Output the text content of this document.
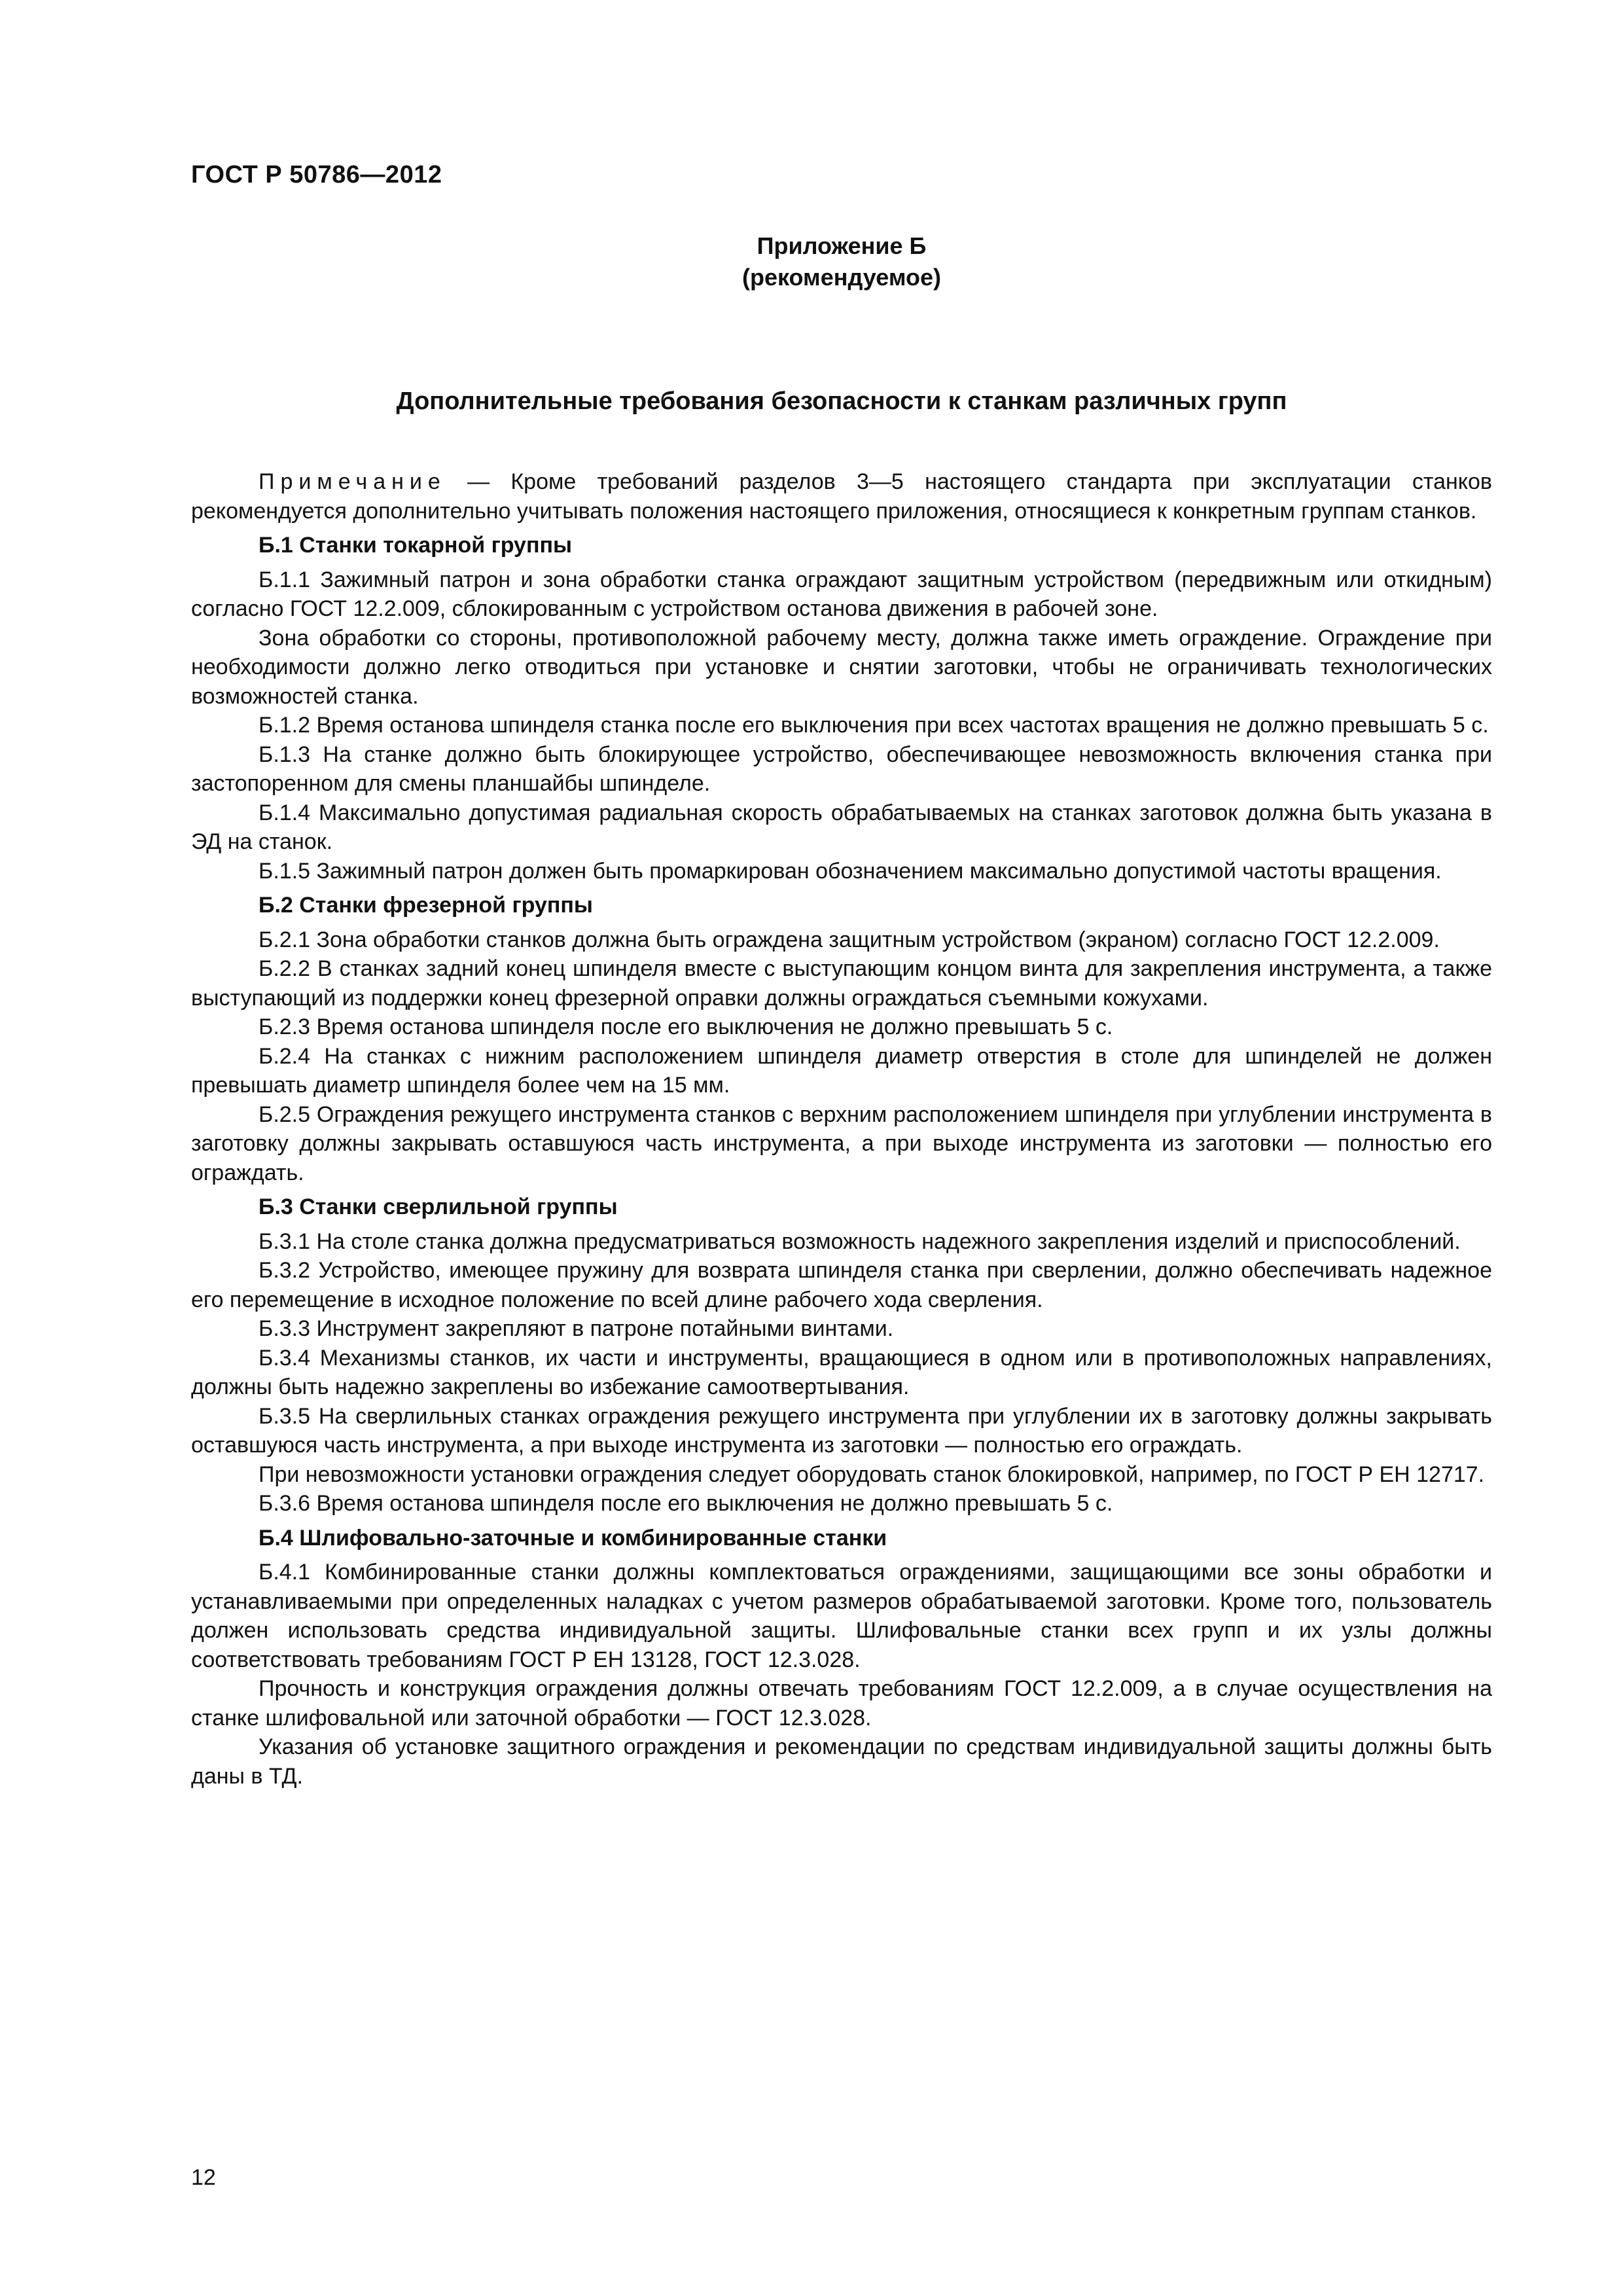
ГОСТ Р 50786—2012
Приложение Б
(рекомендуемое)
Дополнительные требования безопасности к станкам различных групп

Примечание — Кроме требований разделов 3—5 настоящего стандарта при эксплуатации станков рекомендуется дополнительно учитывать положения настоящего приложения, относящиеся к конкретным группам станков.

Б.1 Станки токарной группы

Б.1.1 Зажимный патрон и зона обработки станка ограждают защитным устройством (передвижным или откидным) согласно ГОСТ 12.2.009, сблокированным с устройством останова движения в рабочей зоне.

Зона обработки со стороны, противоположной рабочему месту, должна также иметь ограждение. Ограждение при необходимости должно легко отводиться при установке и снятии заготовки, чтобы не ограничивать технологических возможностей станка.

Б.1.2 Время останова шпинделя станка после его выключения при всех частотах вращения не должно превышать 5 с.

Б.1.3 На станке должно быть блокирующее устройство, обеспечивающее невозможность включения станка при застопоренном для смены планшайбы шпинделе.

Б.1.4 Максимально допустимая радиальная скорость обрабатываемых на станках заготовок должна быть указана в ЭД на станок.

Б.1.5 Зажимный патрон должен быть промаркирован обозначением максимально допустимой частоты вращения.

Б.2 Станки фрезерной группы

Б.2.1 Зона обработки станков должна быть ограждена защитным устройством (экраном) согласно ГОСТ 12.2.009.

Б.2.2 В станках задний конец шпинделя вместе с выступающим концом винта для закрепления инструмента, а также выступающий из поддержки конец фрезерной оправки должны ограждаться съемными кожухами.

Б.2.3 Время останова шпинделя после его выключения не должно превышать 5 с.

Б.2.4 На станках с нижним расположением шпинделя диаметр отверстия в столе для шпинделей не должен превышать диаметр шпинделя более чем на 15 мм.

Б.2.5 Ограждения режущего инструмента станков с верхним расположением шпинделя при углублении инструмента в заготовку должны закрывать оставшуюся часть инструмента, а при выходе инструмента из заготовки — полностью его ограждать.

Б.3 Станки сверлильной группы

Б.3.1 На столе станка должна предусматриваться возможность надежного закрепления изделий и приспособлений.

Б.3.2 Устройство, имеющее пружину для возврата шпинделя станка при сверлении, должно обеспечивать надежное его перемещение в исходное положение по всей длине рабочего хода сверления.

Б.3.3 Инструмент закрепляют в патроне потайными винтами.

Б.3.4 Механизмы станков, их части и инструменты, вращающиеся в одном или в противоположных направлениях, должны быть надежно закреплены во избежание самоотвертывания.

Б.3.5 На сверлильных станках ограждения режущего инструмента при углублении их в заготовку должны закрывать оставшуюся часть инструмента, а при выходе инструмента из заготовки — полностью его ограждать.

При невозможности установки ограждения следует оборудовать станок блокировкой, например, по ГОСТ Р ЕН 12717.

Б.3.6 Время останова шпинделя после его выключения не должно превышать 5 с.

Б.4 Шлифовально-заточные и комбинированные станки

Б.4.1 Комбинированные станки должны комплектоваться ограждениями, защищающими все зоны обработки и устанавливаемыми при определенных наладках с учетом размеров обрабатываемой заготовки. Кроме того, пользователь должен использовать средства индивидуальной защиты. Шлифовальные станки всех групп и их узлы должны соответствовать требованиям ГОСТ Р ЕН 13128, ГОСТ 12.3.028.

Прочность и конструкция ограждения должны отвечать требованиям ГОСТ 12.2.009, а в случае осуществления на станке шлифовальной или заточной обработки — ГОСТ 12.3.028.

Указания об установке защитного ограждения и рекомендации по средствам индивидуальной защиты должны быть даны в ТД.

12
